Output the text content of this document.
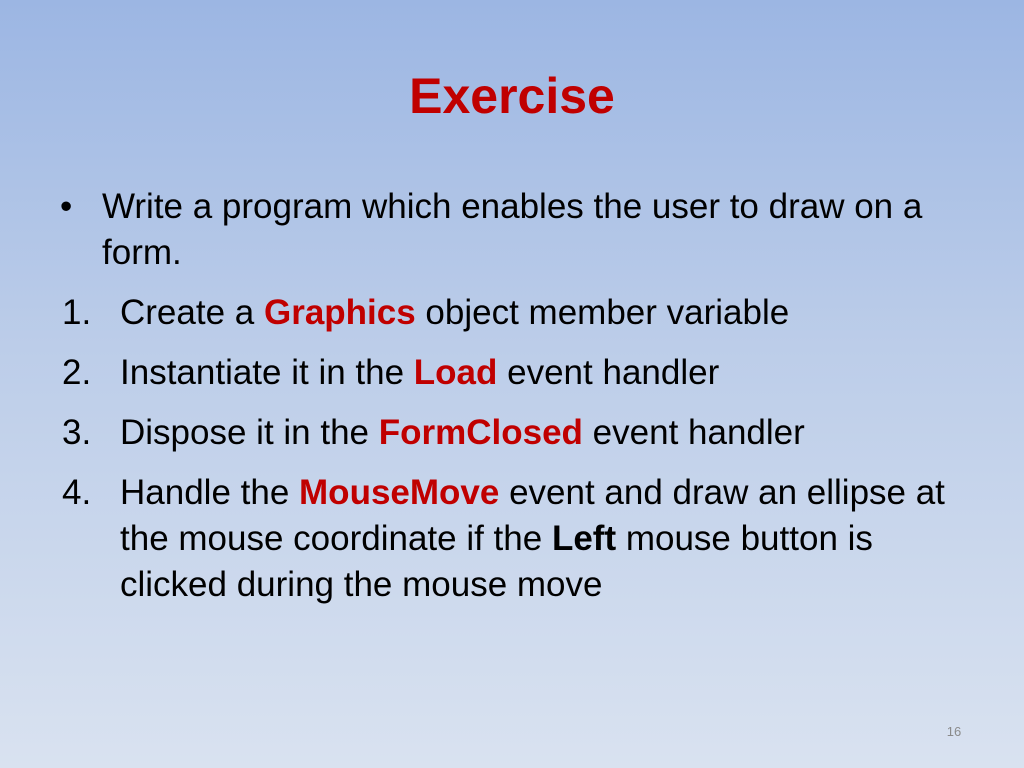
Exercise
• Write a program which enables the user to draw on a form.
1. Create a Graphics object member variable
2. Instantiate it in the Load event handler
3. Dispose it in the FormClosed event handler
4. Handle the MouseMove event and draw an ellipse at the mouse coordinate if the Left mouse button is clicked during the mouse move
16
